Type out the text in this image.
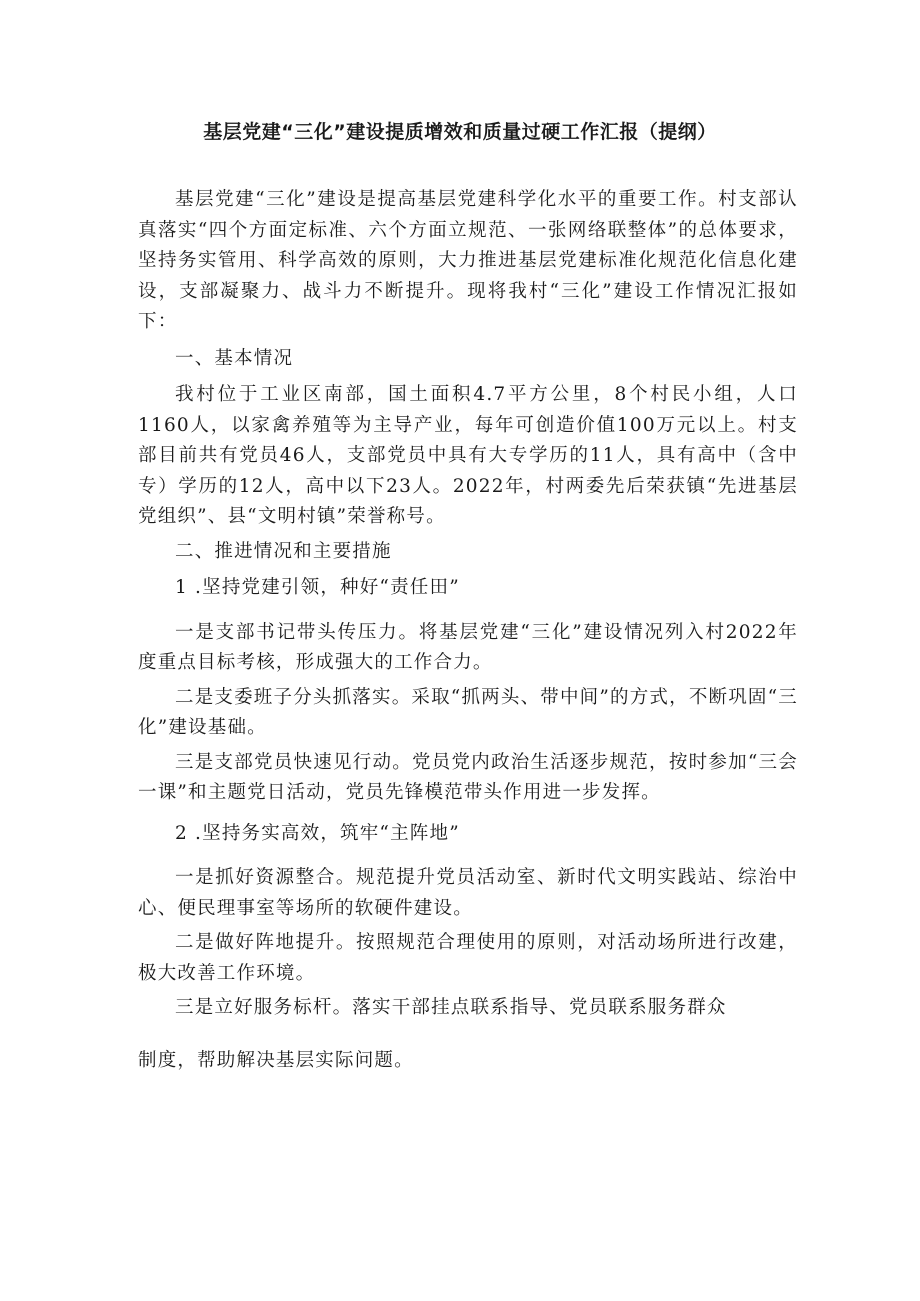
基层党建“三化”建设提质增效和质量过硬工作汇报（提纲）

基层党建“三化”建设是提高基层党建科学化水平的重要工作。村支部认真落实“四个方面定标准、六个方面立规范、一张网络联整体”的总体要求，坚持务实管用、科学高效的原则，大力推进基层党建标准化规范化信息化建设，支部凝聚力、战斗力不断提升。现将我村“三化”建设工作情况汇报如下：

一、基本情况

我村位于工业区南部，国土面积4.7平方公里，8个村民小组，人口1160人，以家禽养殖等为主导产业，每年可创造价值100万元以上。村支部目前共有党员46人，支部党员中具有大专学历的11人，具有高中（含中专）学历的12人，高中以下23人。2022年，村两委先后荣获镇“先进基层党组织”、县“文明村镇”荣誉称号。

二、推进情况和主要措施

1 .坚持党建引领，种好“责任田”

一是支部书记带头传压力。将基层党建“三化”建设情况列入村2022年度重点目标考核，形成强大的工作合力。

二是支委班子分头抓落实。采取“抓两头、带中间”的方式，不断巩固“三化”建设基础。

三是支部党员快速见行动。党员党内政治生活逐步规范，按时参加“三会一课”和主题党日活动，党员先锋模范带头作用进一步发挥。

2 .坚持务实高效，筑牢“主阵地”

一是抓好资源整合。规范提升党员活动室、新时代文明实践站、综治中心、便民理事室等场所的软硬件建设。

二是做好阵地提升。按照规范合理使用的原则，对活动场所进行改建，极大改善工作环境。

三是立好服务标杆。落实干部挂点联系指导、党员联系服务群众

制度，帮助解决基层实际问题。
